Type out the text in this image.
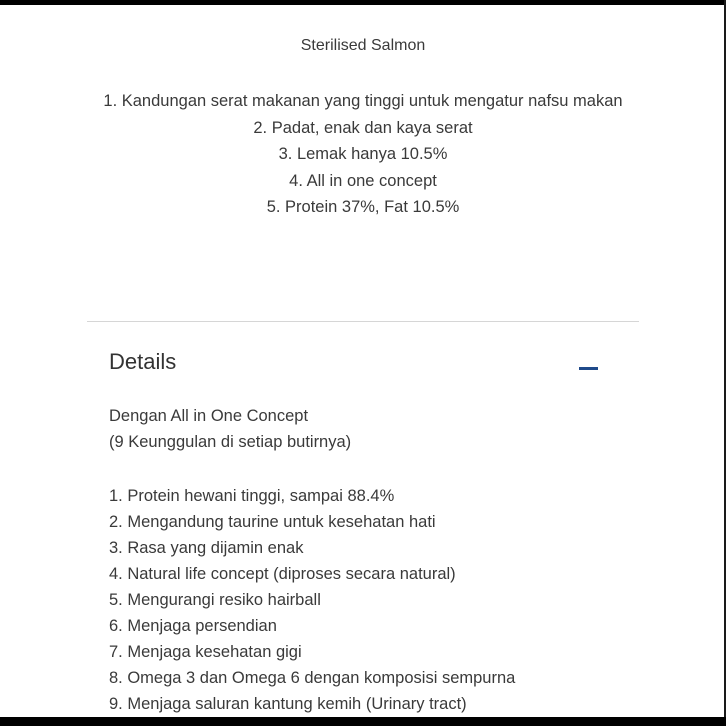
Sterilised Salmon

1. Kandungan serat makanan yang tinggi untuk mengatur nafsu makan
2. Padat, enak dan kaya serat
3. Lemak hanya 10.5%
4. All in one concept
5. Protein 37%, Fat 10.5%
Details

Dengan All in One Concept

(9 Keunggulan di setiap butirnya)

1. Protein hewani tinggi, sampai 88.4%
2. Mengandung taurine untuk kesehatan hati
3. Rasa yang dijamin enak
4. Natural life concept (diproses secara natural)
5. Mengurangi resiko hairball
6. Menjaga persendian
7. Menjaga kesehatan gigi
8. Omega 3 dan Omega 6 dengan komposisi sempurna
9. Menjaga saluran kantung kemih (Urinary tract)
